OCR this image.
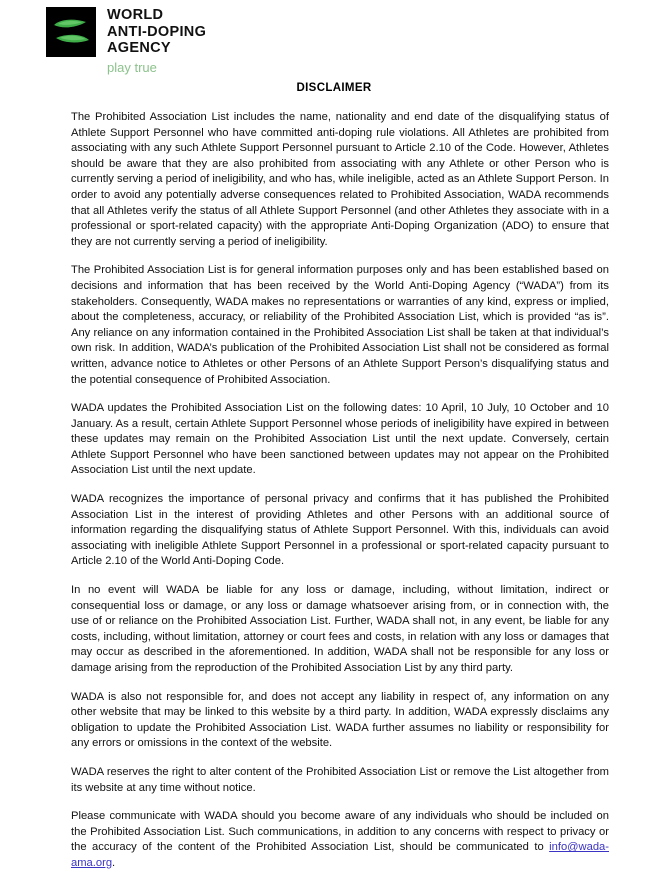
WORLD
ANTI-DOPING
AGENCY
play true
DISCLAIMER

The Prohibited Association List includes the name, nationality and end date of the disqualifying status of Athlete Support Personnel who have committed anti-doping rule violations. All Athletes are prohibited from associating with any such Athlete Support Personnel pursuant to Article 2.10 of the Code. However, Athletes should be aware that they are also prohibited from associating with any Athlete or other Person who is currently serving a period of ineligibility, and who has, while ineligible, acted as an Athlete Support Person. In order to avoid any potentially adverse consequences related to Prohibited Association, WADA recommends that all Athletes verify the status of all Athlete Support Personnel (and other Athletes they associate with in a professional or sport-related capacity) with the appropriate Anti-Doping Organization (ADO) to ensure that they are not currently serving a period of ineligibility.

The Prohibited Association List is for general information purposes only and has been established based on decisions and information that has been received by the World Anti-Doping Agency (“WADA”) from its stakeholders. Consequently, WADA makes no representations or warranties of any kind, express or implied, about the completeness, accuracy, or reliability of the Prohibited Association List, which is provided “as is”. Any reliance on any information contained in the Prohibited Association List shall be taken at that individual’s own risk. In addition, WADA’s publication of the Prohibited Association List shall not be considered as formal written, advance notice to Athletes or other Persons of an Athlete Support Person’s disqualifying status and the potential consequence of Prohibited Association.

WADA updates the Prohibited Association List on the following dates: 10 April, 10 July, 10 October and 10 January. As a result, certain Athlete Support Personnel whose periods of ineligibility have expired in between these updates may remain on the Prohibited Association List until the next update. Conversely, certain Athlete Support Personnel who have been sanctioned between updates may not appear on the Prohibited Association List until the next update.

WADA recognizes the importance of personal privacy and confirms that it has published the Prohibited Association List in the interest of providing Athletes and other Persons with an additional source of information regarding the disqualifying status of Athlete Support Personnel. With this, individuals can avoid associating with ineligible Athlete Support Personnel in a professional or sport-related capacity pursuant to Article 2.10 of the World Anti-Doping Code.

In no event will WADA be liable for any loss or damage, including, without limitation, indirect or consequential loss or damage, or any loss or damage whatsoever arising from, or in connection with, the use of or reliance on the Prohibited Association List. Further, WADA shall not, in any event, be liable for any costs, including, without limitation, attorney or court fees and costs, in relation with any loss or damages that may occur as described in the aforementioned. In addition, WADA shall not be responsible for any loss or damage arising from the reproduction of the Prohibited Association List by any third party.

WADA is also not responsible for, and does not accept any liability in respect of, any information on any other website that may be linked to this website by a third party. In addition, WADA expressly disclaims any obligation to update the Prohibited Association List. WADA further assumes no liability or responsibility for any errors or omissions in the context of the website.

WADA reserves the right to alter content of the Prohibited Association List or remove the List altogether from its website at any time without notice.

Please communicate with WADA should you become aware of any individuals who should be included on the Prohibited Association List. Such communications, in addition to any concerns with respect to privacy or the accuracy of the content of the Prohibited Association List, should be communicated to info@wada-ama.org.
